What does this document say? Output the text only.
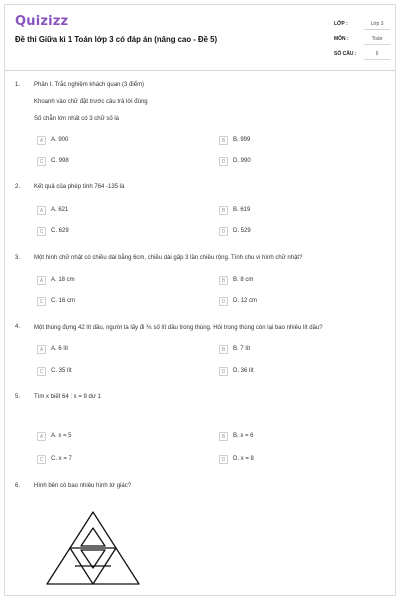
Quizizz
Đề thi Giữa kì 1 Toán lớp 3 có đáp án (nâng cao - Đề 5)
LỚP :	Lớp 3
MÔN :	Toán
SỐ CÂU :	6
1. Phần I. Trắc nghiệm khách quan (3 điểm)
Khoanh vào chữ đặt trước câu trả lời đúng
Số chẵn lớn nhất có 3 chữ số là
A	A. 900	B	B. 999
C	C. 998	D	D. 990
2. Kết quả của phép tính 764 -135 là
A	A. 621	B	B. 619
C	C. 629	D	D. 529
3. Một hình chữ nhật có chiều dài bằng 6cm, chiều dài gấp 3 lần chiều rộng. Tính chu vi hình chữ nhật?
A	A. 18 cm	B	B. 8 cm
C	C. 16 cm	D	D. 12 cm
4. Một thùng đựng 42 lít dầu, người ta lấy đi ⅙ số lít dầu trong thùng. Hỏi trong thùng còn lại bao nhiêu lít dầu?
A	A. 6 lít	B	B. 7 lít
C	C. 35 lít	D	D. 36 lít
5. Tìm x biết 64 : x = 9 dư 1
A	A. x = 5	B	B. x = 6
C	C. x = 7	D	D. x = 8
6. Hình bên có bao nhiêu hình tứ giác?
